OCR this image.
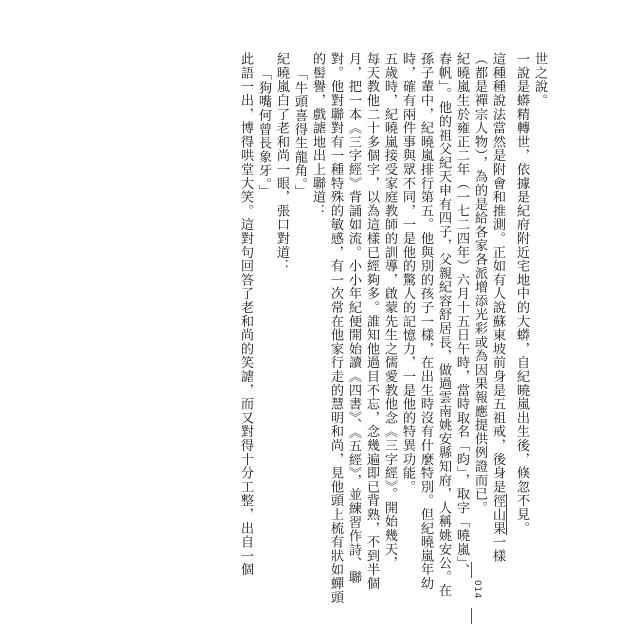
世之說。
一說是蟒精轉世，依據是紀府附近宅地中的大蟒，自紀曉嵐出生後，倏忽不見。
這種種說法當然是附會和推測。正如有人說蘇東坡前身是五祖戒，後身是徑山果一樣
（都是禪宗人物），為的是給各家各派增添光彩或為因果報應提供例證而已。
紀曉嵐生於雍正二年（一七二四年）六月十五日午時，當時取名「昀」，取字「曉嵐」、
春帆」。他的祖父紀天申有四子，父親紀容舒居長，做過雲南姚安縣知府，人稱姚安公。在
孫子輩中，紀曉嵐排行第五。他與別的孩子一樣，在出生時沒有什麼特別。但紀曉嵐年幼
時，確有兩件事與眾不同，一是他的驚人的記憶力，一是他的特異功能。
五歲時，紀曉嵐接受家庭教師的訓導，啟蒙先生之儒愛教他念《三字經》。開始幾天，
每天教他二十多個字，以為這樣已經夠多。誰知他過目不忘，念幾遍即已背熟，不到半個
月，把一本《三字經》背誦如流。小小年紀便開始讀《四書》、《五經》，並練習作詩、聯
對。他對聯對有一種特殊的敏感，有一次常在他家行走的慧明和尚，見他頭上梳有狀如蟬頭
的髻譽，戲謔地出上聯道：
「牛頭喜得生龍角。」
紀曉嵐白了老和尚一眼，張口對道：
「狗嘴何曾長象牙。」
此語一出，博得哄堂大笑。這對句回答了老和尚的笑謔，而又對得十分工整，出自一個
014
